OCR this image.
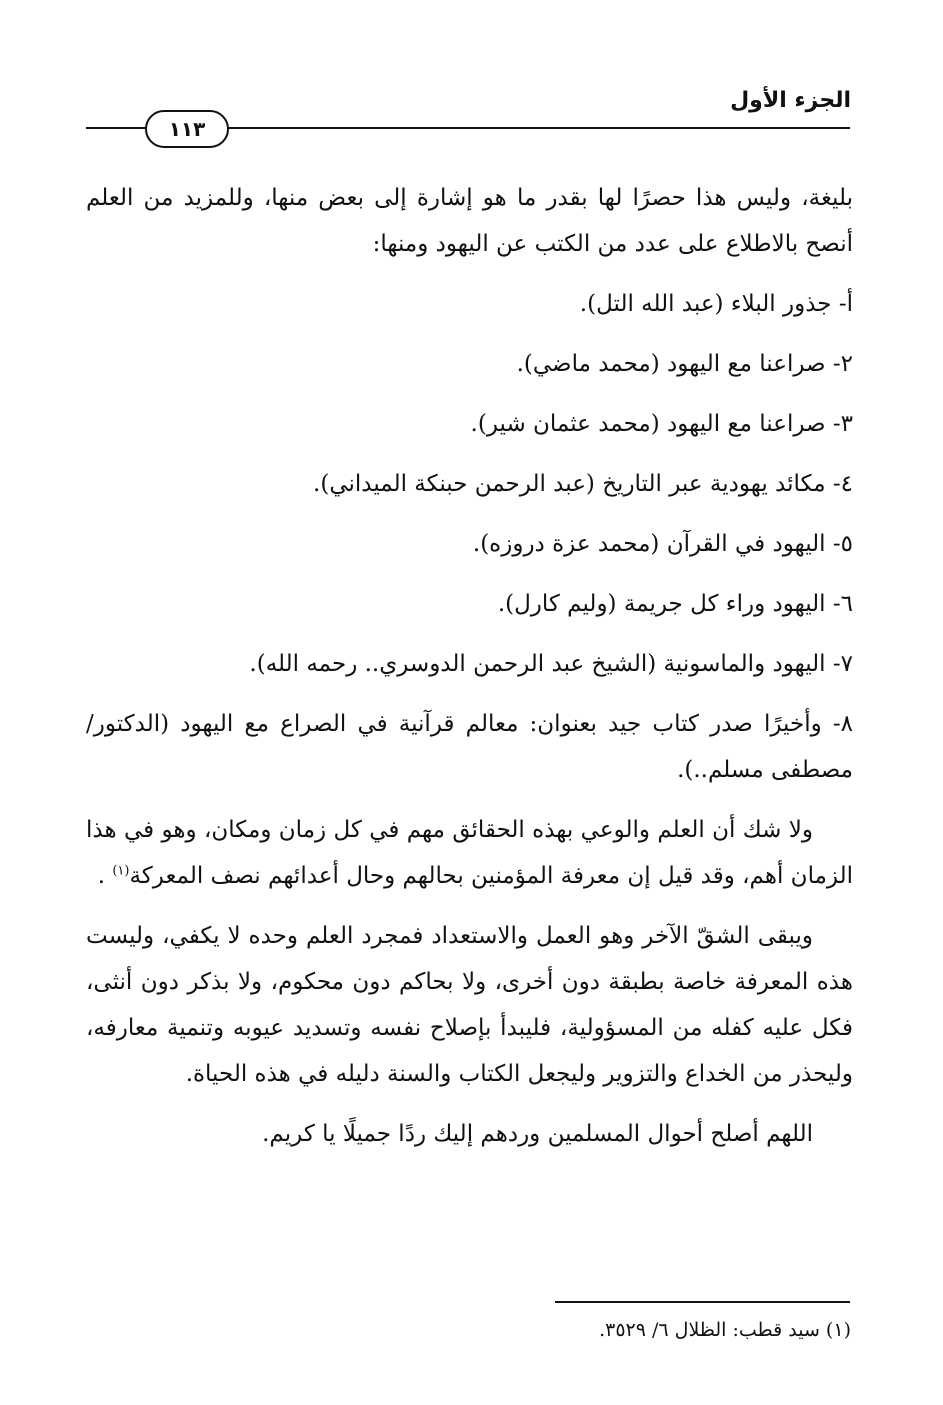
الجزء الأول
١١٣

بليغة، وليس هذا حصرًا لها بقدر ما هو إشارة إلى بعض منها، وللمزيد من العلم أنصح بالاطلاع على عدد من الكتب عن اليهود ومنها:

أ- جذور البلاء (عبد الله التل).
٢- صراعنا مع اليهود (محمد ماضي).
٣- صراعنا مع اليهود (محمد عثمان شير).
٤- مكائد يهودية عبر التاريخ (عبد الرحمن حبنكة الميداني).
٥- اليهود في القرآن (محمد عزة دروزه).
٦- اليهود وراء كل جريمة (وليم كارل).
٧- اليهود والماسونية (الشيخ عبد الرحمن الدوسري.. رحمه الله).
٨- وأخيرًا صدر كتاب جيد بعنوان: معالم قرآنية في الصراع مع اليهود (الدكتور/ مصطفى مسلم..).

ولا شك أن العلم والوعي بهذه الحقائق مهم في كل زمان ومكان، وهو في هذا الزمان أهم، وقد قيل إن معرفة المؤمنين بحالهم وحال أعدائهم نصف المعركة$^{(١)}$ .

ويبقى الشقّ الآخر وهو العمل والاستعداد فمجرد العلم وحده لا يكفي، وليست هذه المعرفة خاصة بطبقة دون أخرى، ولا بحاكم دون محكوم، ولا بذكر دون أنثى، فكل عليه كفله من المسؤولية، فليبدأ بإصلاح نفسه وتسديد عيوبه وتنمية معارفه، وليحذر من الخداع والتزوير وليجعل الكتاب والسنة دليله في هذه الحياة.

اللهم أصلح أحوال المسلمين وردهم إليك ردًا جميلًا يا كريم.

(١) سيد قطب: الظلال ٦/ ٣٥٢٩.
